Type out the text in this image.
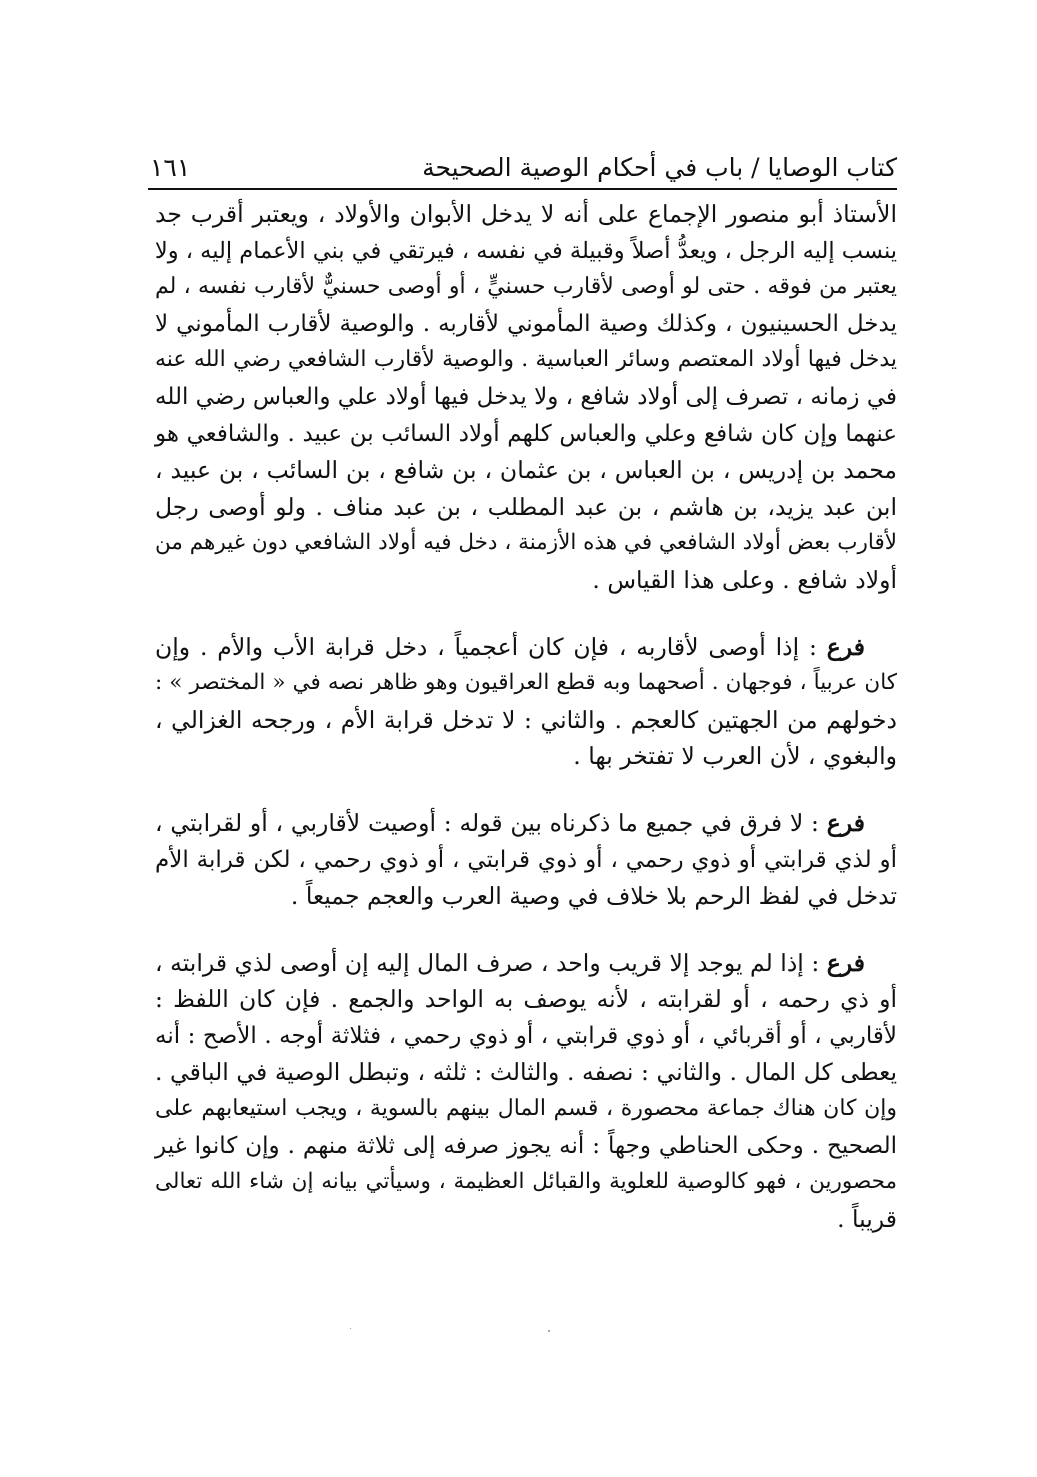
كتاب الوصايا / باب في أحكام الوصية الصحيحة
١٦١

الأستاذ أبو منصور الإجماع على أنه لا يدخل الأبوان والأولاد ، ويعتبر أقرب جد
ينسب إليه الرجل ، ويعدُّ أصلاً وقبيلة في نفسه ، فيرتقي في بني الأعمام إليه ، ولا
يعتبر من فوقه . حتى لو أوصى لأقارب حسنيٍّ ، أو أوصى حسنيٌّ لأقارب نفسه ، لم
يدخل الحسينيون ، وكذلك وصية المأموني لأقاربه . والوصية لأقارب المأموني لا
يدخل فيها أولاد المعتصم وسائر العباسية . والوصية لأقارب الشافعي رضي الله عنه
في زمانه ، تصرف إلى أولاد شافع ، ولا يدخل فيها أولاد علي والعباس رضي الله
عنهما وإن كان شافع وعلي والعباس كلهم أولاد السائب بن عبيد . والشافعي هو
محمد بن إدريس ، بن العباس ، بن عثمان ، بن شافع ، بن السائب ، بن عبيد ،
ابن عبد يزيد، بن هاشم ، بن عبد المطلب ، بن عبد مناف . ولو أوصى رجل
لأقارب بعض أولاد الشافعي في هذه الأزمنة ، دخل فيه أولاد الشافعي دون غيرهم من
أولاد شافع . وعلى هذا القياس .

فرع : إذا أوصى لأقاربه ، فإن كان أعجمياً ، دخل قرابة الأب والأم . وإن
كان عربياً ، فوجهان . أصحهما وبه قطع العراقيون وهو ظاهر نصه في « المختصر » :
دخولهم من الجهتين كالعجم . والثاني : لا تدخل قرابة الأم ، ورجحه الغزالي ،
والبغوي ، لأن العرب لا تفتخر بها .

فرع : لا فرق في جميع ما ذكرناه بين قوله : أوصيت لأقاربي ، أو لقرابتي ،
أو لذي قرابتي أو ذوي رحمي ، أو ذوي قرابتي ، أو ذوي رحمي ، لكن قرابة الأم
تدخل في لفظ الرحم بلا خلاف في وصية العرب والعجم جميعاً .

فرع : إذا لم يوجد إلا قريب واحد ، صرف المال إليه إن أوصى لذي قرابته ،
أو ذي رحمه ، أو لقرابته ، لأنه يوصف به الواحد والجمع . فإن كان اللفظ :
لأقاربي ، أو أقربائي ، أو ذوي قرابتي ، أو ذوي رحمي ، فثلاثة أوجه . الأصح : أنه
يعطى كل المال . والثاني : نصفه . والثالث : ثلثه ، وتبطل الوصية في الباقي .
وإن كان هناك جماعة محصورة ، قسم المال بينهم بالسوية ، ويجب استيعابهم على
الصحيح . وحكى الحناطي وجهاً : أنه يجوز صرفه إلى ثلاثة منهم . وإن كانوا غير
محصورين ، فهو كالوصية للعلوية والقبائل العظيمة ، وسيأتي بيانه إن شاء الله تعالى
قريباً .
